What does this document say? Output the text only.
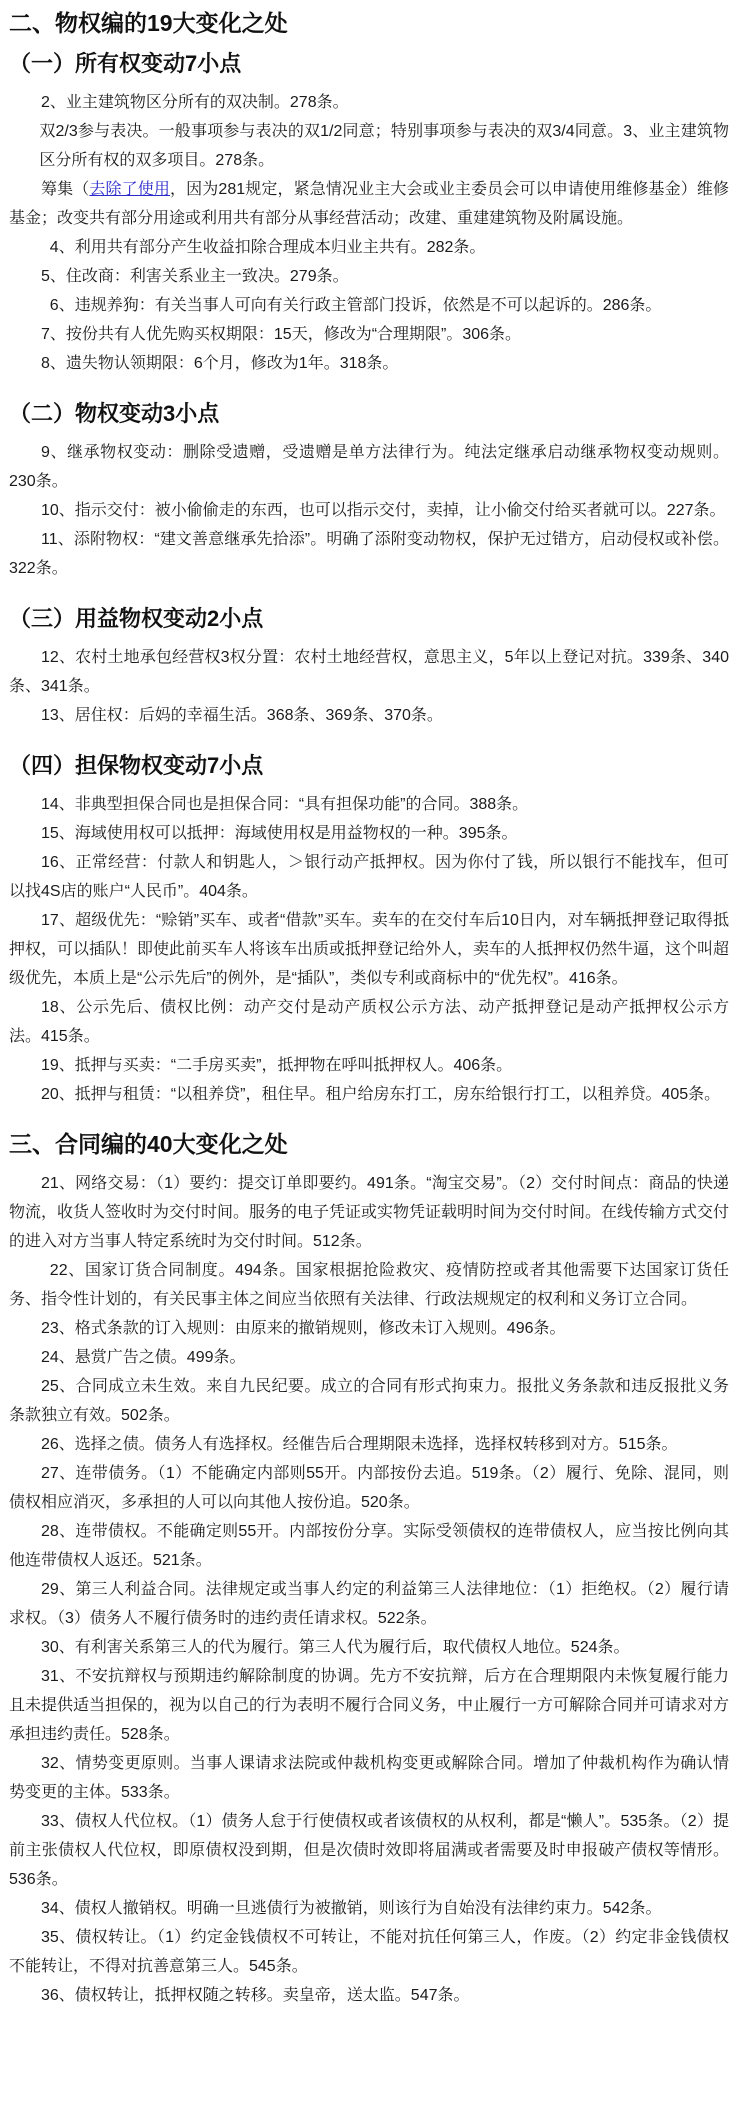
二、物权编的19大变化之处
（一）所有权变动7小点

2、业主建筑物区分所有的双决制。278条。

双2/3参与表决。一般事项参与表决的双1/2同意；特别事项参与表决的双3/4同意。3、业主建筑物区分所有权的双多项目。278条。

筹集（去除了使用，因为281规定，紧急情况业主大会或业主委员会可以申请使用维修基金）维修基金；改变共有部分用途或利用共有部分从事经营活动；改建、重建建筑物及附属设施。

4、利用共有部分产生收益扣除合理成本归业主共有。282条。

5、住改商：利害关系业主一致决。279条。

6、违规养狗：有关当事人可向有关行政主管部门投诉，依然是不可以起诉的。286条。

7、按份共有人优先购买权期限：15天，修改为“合理期限”。306条。

8、遗失物认领期限：6个月，修改为1年。318条。

（二）物权变动3小点

9、继承物权变动：删除受遗赠，受遗赠是单方法律行为。纯法定继承启动继承物权变动规则。230条。

10、指示交付：被小偷偷走的东西，也可以指示交付，卖掉，让小偷交付给买者就可以。227条。

11、添附物权：“建文善意继承先拾添”。明确了添附变动物权，保护无过错方，启动侵权或补偿。322条。

（三）用益物权变动2小点

12、农村土地承包经营权3权分置：农村土地经营权，意思主义，5年以上登记对抗。339条、340条、341条。

13、居住权：后妈的幸福生活。368条、369条、370条。

（四）担保物权变动7小点

14、非典型担保合同也是担保合同：“具有担保功能”的合同。388条。

15、海域使用权可以抵押：海域使用权是用益物权的一种。395条。

16、正常经营：付款人和钥匙人，＞银行动产抵押权。因为你付了钱，所以银行不能找车，但可以找4S店的账户“人民币”。404条。

17、超级优先：“赊销”买车、或者“借款”买车。卖车的在交付车后10日内，对车辆抵押登记取得抵押权，可以插队！即使此前买车人将该车出质或抵押登记给外人，卖车的人抵押权仍然牛逼，这个叫超级优先，本质上是“公示先后”的例外，是“插队”，类似专利或商标中的“优先权”。416条。

18、公示先后、债权比例：动产交付是动产质权公示方法、动产抵押登记是动产抵押权公示方法。415条。

19、抵押与买卖：“二手房买卖”，抵押物在呼叫抵押权人。406条。

20、抵押与租赁：“以租养贷”，租住早。租户给房东打工，房东给银行打工，以租养贷。405条。

三、合同编的40大变化之处

21、网络交易：（1）要约：提交订单即要约。491条。“淘宝交易”。（2）交付时间点：商品的快递物流，收货人签收时为交付时间。服务的电子凭证或实物凭证载明时间为交付时间。在线传输方式交付的进入对方当事人特定系统时为交付时间。512条。

22、国家订货合同制度。494条。国家根据抢险救灾、疫情防控或者其他需要下达国家订货任务、指令性计划的，有关民事主体之间应当依照有关法律、行政法规规定的权利和义务订立合同。

23、格式条款的订入规则：由原来的撤销规则，修改未订入规则。496条。

24、悬赏广告之债。499条。

25、合同成立未生效。来自九民纪要。成立的合同有形式拘束力。报批义务条款和违反报批义务条款独立有效。502条。

26、选择之债。债务人有选择权。经催告后合理期限未选择，选择权转移到对方。515条。

27、连带债务。（1）不能确定内部则55开。内部按份去追。519条。（2）履行、免除、混同，则债权相应消灭，多承担的人可以向其他人按份追。520条。

28、连带债权。不能确定则55开。内部按份分享。实际受领债权的连带债权人，应当按比例向其他连带债权人返还。521条。

29、第三人利益合同。法律规定或当事人约定的利益第三人法律地位：（1）拒绝权。（2）履行请求权。（3）债务人不履行债务时的违约责任请求权。522条。

30、有利害关系第三人的代为履行。第三人代为履行后，取代债权人地位。524条。

31、不安抗辩权与预期违约解除制度的协调。先方不安抗辩，后方在合理期限内未恢复履行能力且未提供适当担保的，视为以自己的行为表明不履行合同义务，中止履行一方可解除合同并可请求对方承担违约责任。528条。

32、情势变更原则。当事人课请求法院或仲裁机构变更或解除合同。增加了仲裁机构作为确认情势变更的主体。533条。

33、债权人代位权。（1）债务人怠于行使债权或者该债权的从权利，都是“懒人”。535条。（2）提前主张债权人代位权，即原债权没到期，但是次债时效即将届满或者需要及时申报破产债权等情形。536条。

34、债权人撤销权。明确一旦逃债行为被撤销，则该行为自始没有法律约束力。542条。

35、债权转让。（1）约定金钱债权不可转让，不能对抗任何第三人，作废。（2）约定非金钱债权不能转让，不得对抗善意第三人。545条。

36、债权转让，抵押权随之转移。卖皇帝，送太监。547条。
